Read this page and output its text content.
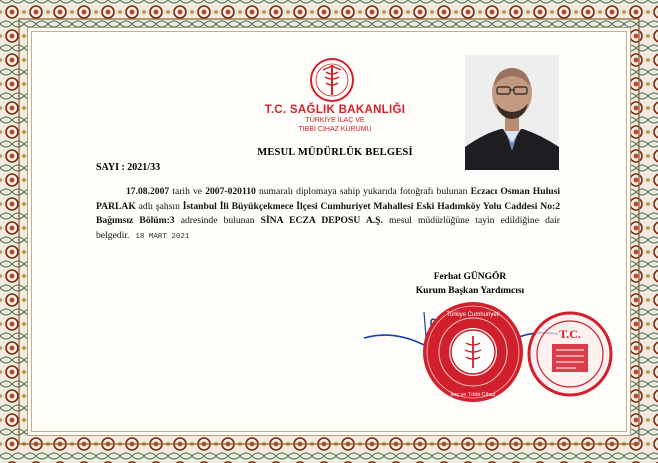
T.C. SAĞLIK BAKANLIĞI
TÜRKİYE İLAÇ VE
TIBBİ CİHAZ KURUMU
MESUL MÜDÜRLÜK BELGESİ
SAYI : 2021/33
17.08.2007 tarih ve 2007-020110 numaralı diplomaya sahip yukarıda fotoğrafı bulunan Eczacı Osman Hulusi PARLAK adlı şahsın İstanbul İli Büyükçekmece İlçesi Cumhuriyet Mahallesi Eski Hadımköy Yolu Caddesi No:2 Bağımsız Bölüm:3 adresinde bulunan SİNA ECZA DEPOSU A.Ş. mesul müdürlüğüne tayin edildiğine dair belgedir. 18 MART 2021
Ferhat GÜNGÖR
Kurum Başkan Yardımcısı
Türkiye Cumhuriyeti
İlaç ve Tıbbi Cihaz
T.C.
